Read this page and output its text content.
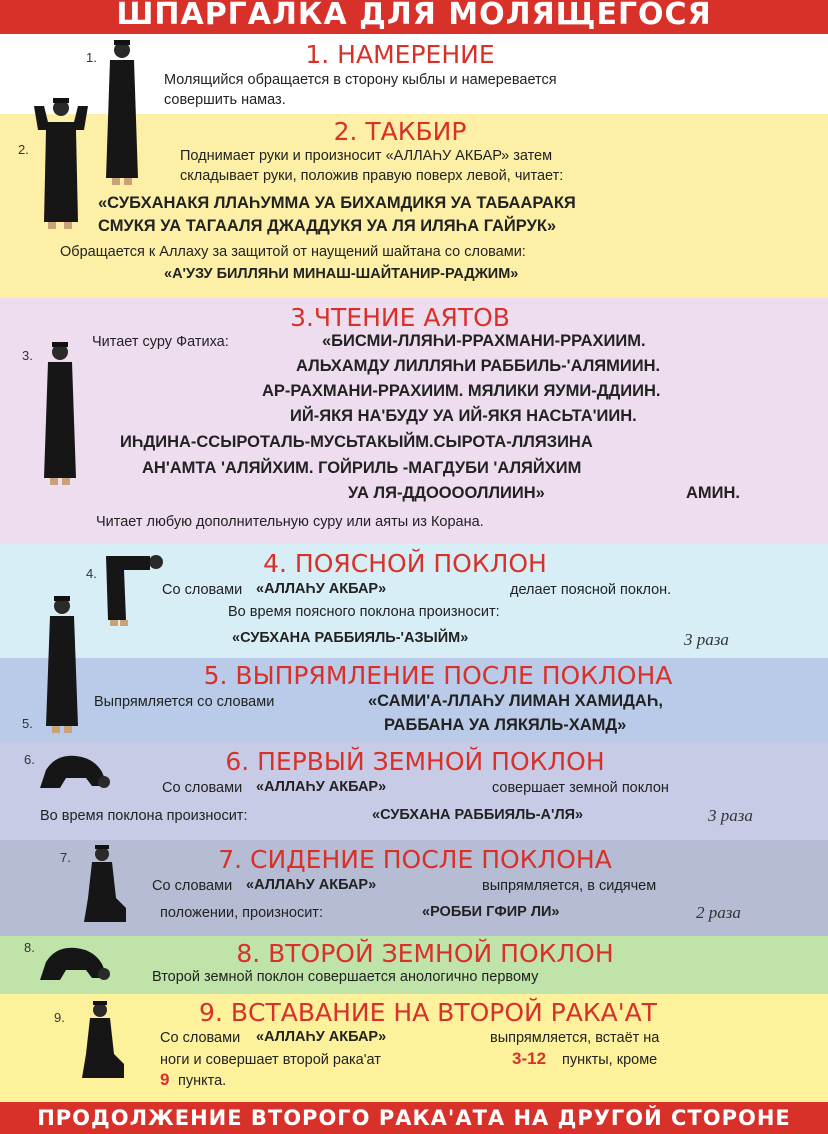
ШПАРГАЛКА ДЛЯ МОЛЯЩЕГОСЯ
1.
2.
3.
4.
5.
6.
7.
8.
9.
1. НАМЕРЕНИЕ
Молящийся обращается в сторону кыблы и намеревается
совершить намаз.
2. ТАКБИР
Поднимает руки и произносит «АЛЛАҺУ АКБАР» затем
складывает руки, положив правую поверх левой, читает:
«СУБХАНАКЯ ЛЛАҺУММА УА БИХАМДИКЯ УА ТАБААРАКЯ
СМУКЯ УА ТАГААЛЯ ДЖАДДУКЯ УА ЛЯ ИЛЯҺА ГАЙРУК»
Обращается к Аллаху за защитой от наущений шайтана со словами:
«А'УЗУ БИЛЛЯҺИ МИНАШ-ШАЙТАНИР-РАДЖИМ»
3.ЧТЕНИЕ АЯТОВ
Читает суру Фатиха:	«БИСМИ-ЛЛЯҺИ-РРАХМАНИ-РРАХИИМ.
АЛЬХАМДУ ЛИЛЛЯҺИ РАББИЛЬ-'АЛЯМИИН.
АР-РАХМАНИ-РРАХИИМ. МЯЛИКИ ЯУМИ-ДДИИН.
ИЙ-ЯКЯ НА'БУДУ УА ИЙ-ЯКЯ НАСЬТА'ИИН.
ИҺДИНА-ССЫРОТАЛЬ-МУСЬТАКЫЙМ.СЫРОТА-ЛЛЯЗИНА
АН'АМТА 'АЛЯЙХИМ. ГОЙРИЛЬ -МАГДУБИ 'АЛЯЙХИМ
УА ЛЯ-ДДООООЛЛИИН»	АМИН.
Читает любую дополнительную суру или аяты из Корана.
4. ПОЯСНОЙ ПОКЛОН
Со словами «АЛЛАҺУ АКБАР»	делает поясной поклон.
Во время поясного поклона произносит:
«СУБХАНА РАББИЯЛЬ-'АЗЫЙМ»	3 раза
5. ВЫПРЯМЛЕНИЕ ПОСЛЕ ПОКЛОНА
Выпрямляется со словами	«САМИ'А-ЛЛАҺУ ЛИМАН ХАМИДАҺ,
РАББАНА УА ЛЯКЯЛЬ-ХАМД»
6. ПЕРВЫЙ ЗЕМНОЙ ПОКЛОН
Со словами «АЛЛАҺУ АКБАР»	совершает земной поклон
Во время поклона произносит:	«СУБХАНА РАББИЯЛЬ-А'ЛЯ»	3 раза
7. СИДЕНИЕ ПОСЛЕ ПОКЛОНА
Со словами «АЛЛАҺУ АКБАР»	выпрямляется, в сидячем
положении, произносит:	«РОББИ ГФИР ЛИ»	2 раза
8. ВТОРОЙ ЗЕМНОЙ ПОКЛОН
Второй земной поклон совершается анологично первому
9. ВСТАВАНИЕ НА ВТОРОЙ РАКА'АТ
Со словами «АЛЛАҺУ АКБАР»	выпрямляется, встаёт на
ноги и совершает второй рака'ат	3-12 пункты, кроме
9 пункта.
ПРОДОЛЖЕНИЕ ВТОРОГО РАКА'АТА НА ДРУГОЙ СТОРОНЕ
